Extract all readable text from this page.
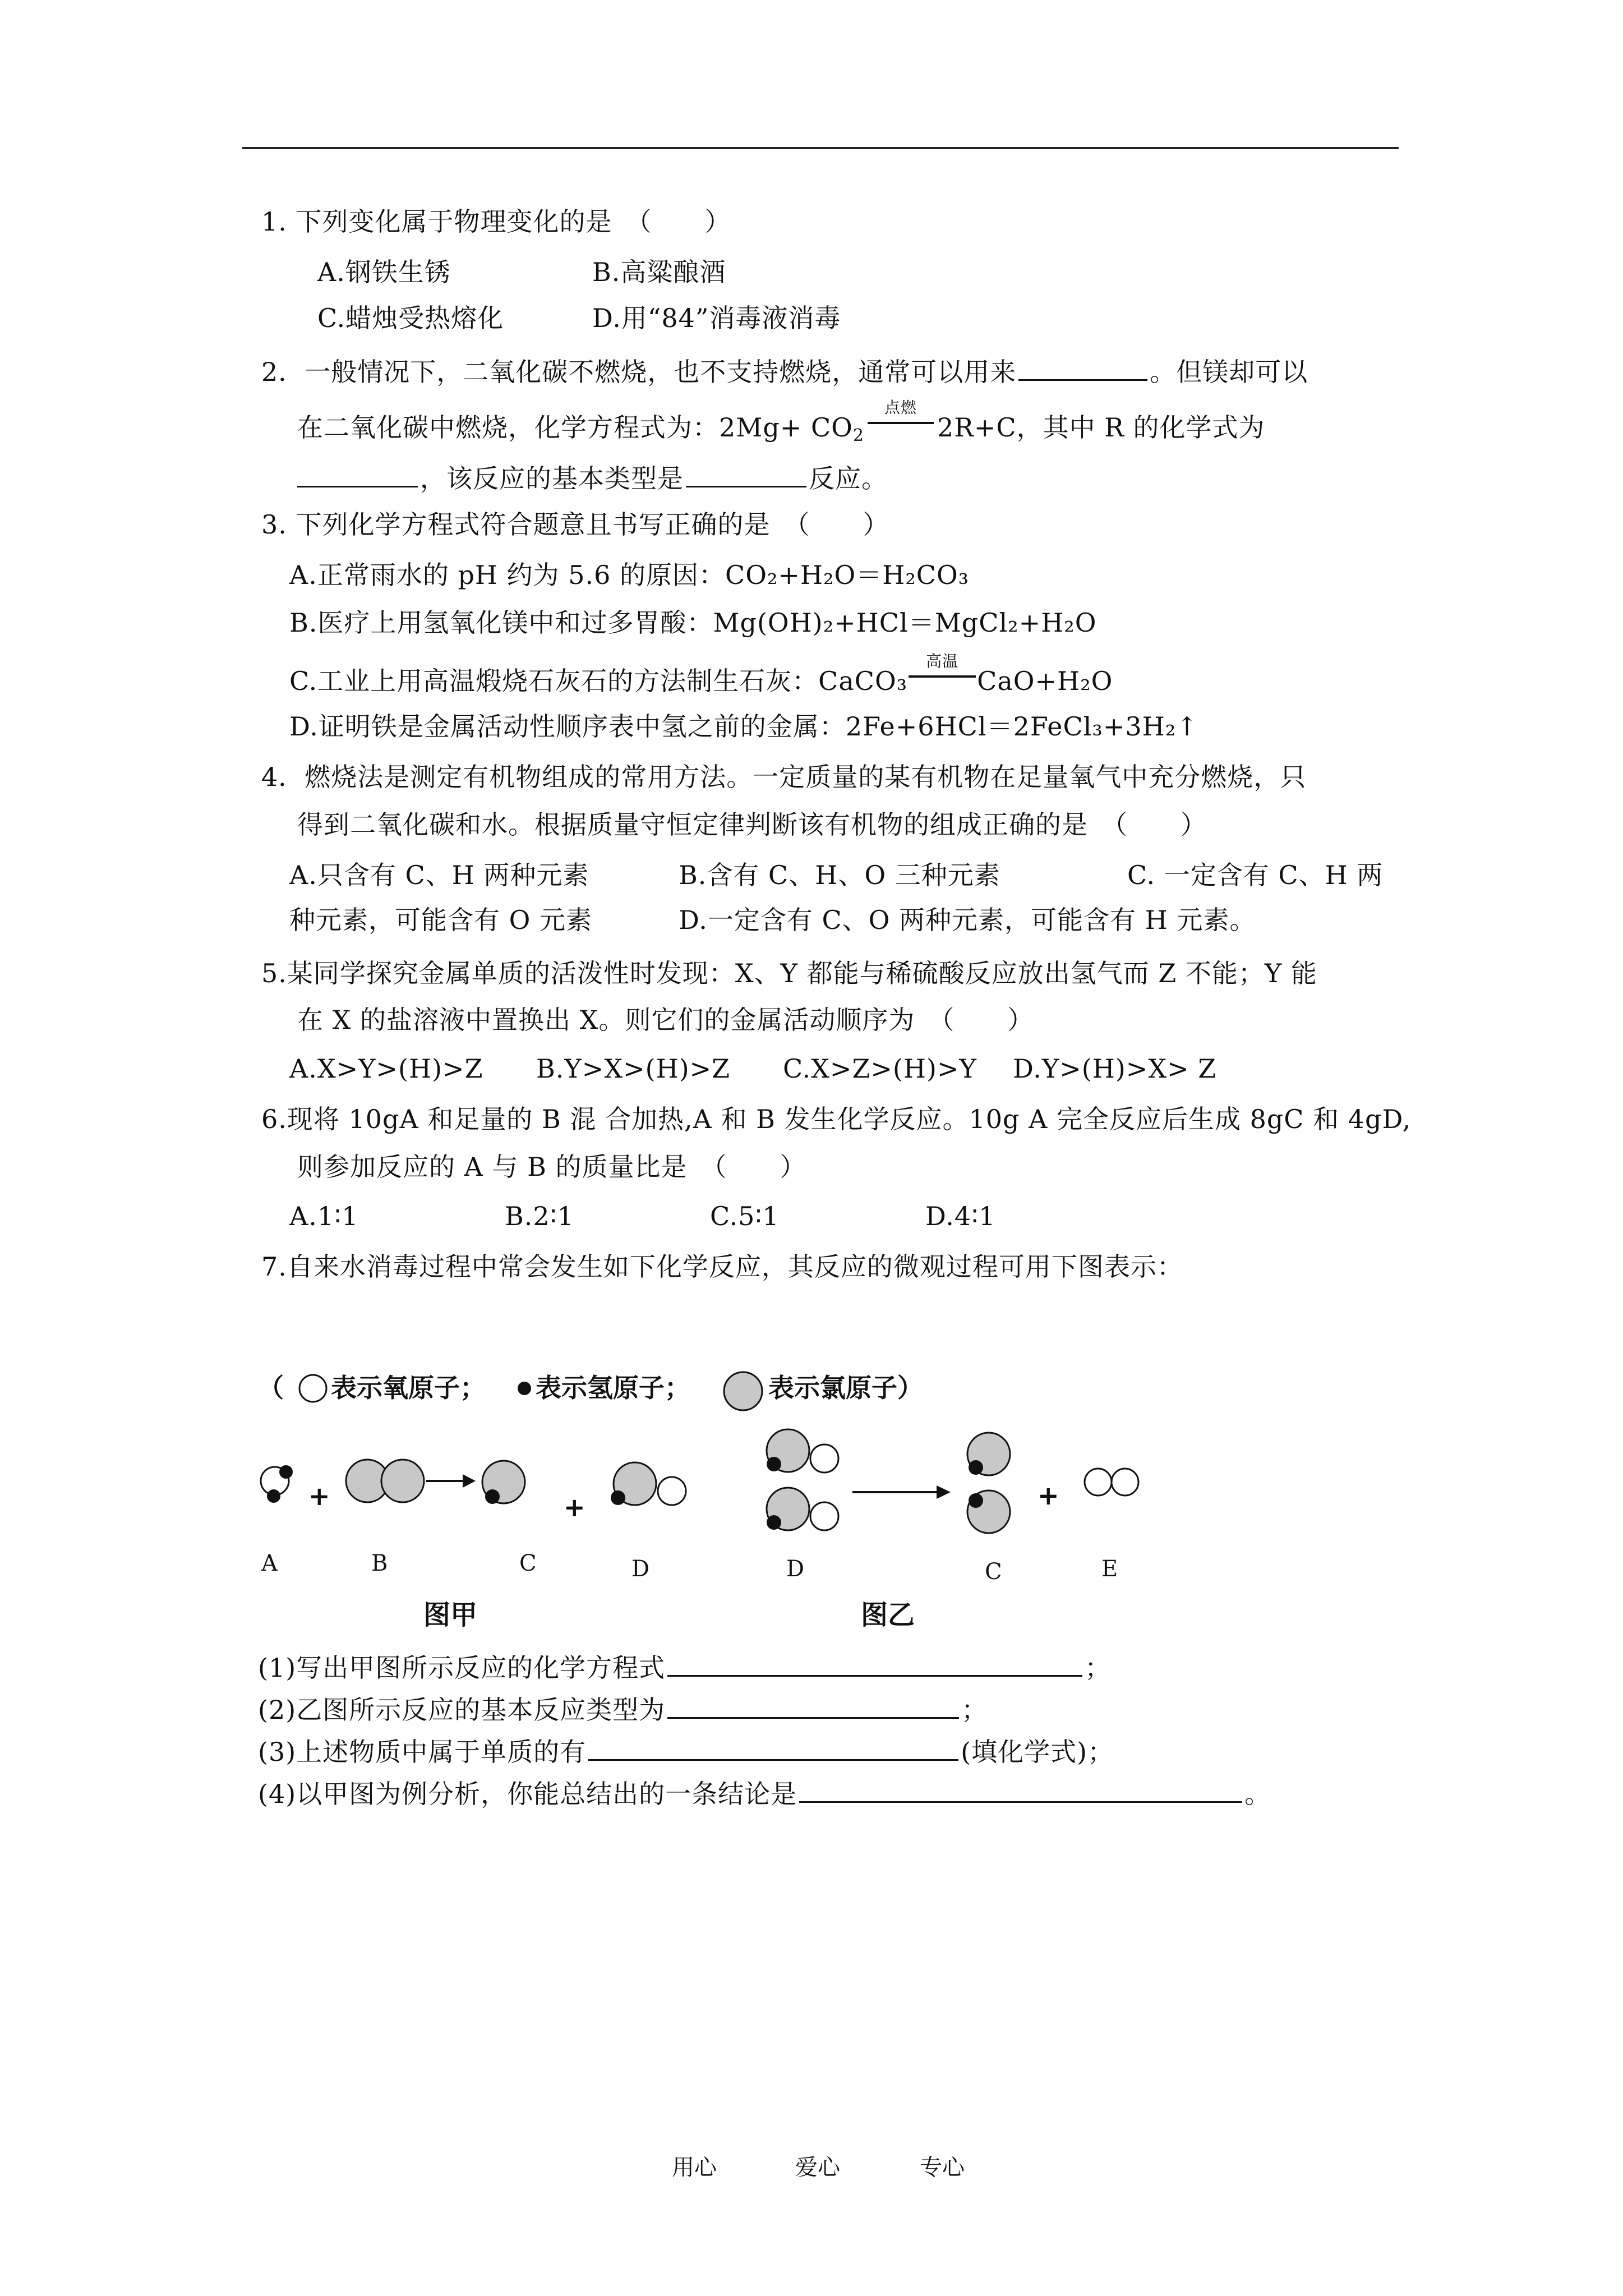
1. 下列变化属于物理变化的是　（　　）
A.钢铁生锈	B.高粱酿酒
C.蜡烛受热熔化	D.用“84”消毒液消毒
2．一般情况下，二氧化碳不燃烧，也不支持燃烧，通常可以用来	。但镁却可以
在二氧化碳中燃烧，化学方程式为：$2Mg+ CO_2$
点燃
2R+C，其中 R 的化学式为
，该反应的基本类型是	反应。
3. 下列化学方程式符合题意且书写正确的是　（　　）
A.正常雨水的 pH 约为 5.6 的原因：CO₂+H₂O＝H₂CO₃
B.医疗上用氢氧化镁中和过多胃酸：Mg(OH)₂+HCl＝MgCl₂+H₂O
C.工业上用高温煅烧石灰石的方法制生石灰：CaCO₃
高温
CaO+H₂O
D.证明铁是金属活动性顺序表中氢之前的金属：2Fe+6HCl＝2FeCl₃+3H₂↑
4．燃烧法是测定有机物组成的常用方法。一定质量的某有机物在足量氧气中充分燃烧，只
得到二氧化碳和水。根据质量守恒定律判断该有机物的组成正确的是　（　　）
A.只含有 C、H 两种元素	B.含有 C、H、O 三种元素	C. 一定含有 C、H 两
种元素，可能含有 O 元素	D.一定含有 C、O 两种元素，可能含有 H 元素。
5.某同学探究金属单质的活泼性时发现：X、Y 都能与稀硫酸反应放出氢气而 Z 不能；Y 能
在 X 的盐溶液中置换出 X。则它们的金属活动顺序为　（　　）
A.X>Y>(H)>Z B.Y>X>(H)>Z C.X>Z>(H)>Y D.Y>(H)>X> Z
6.现将 10gA 和足量的 B 混 合加热,A 和 B 发生化学反应。10g A 完全反应后生成 8gC 和 4gD,
则参加反应的 A 与 B 的质量比是　（　　）
A.1∶1	B.2∶1	C.5∶1	D.4∶1
7.自来水消毒过程中常会发生如下化学反应，其反应的微观过程可用下图表示：
（ 表示氧原子； 表示氢原子；	表示氯原子）
+	+
A	B	C	D
图甲
+
D	C	E
图乙
(1)写出甲图所示反应的化学方程式	；
(2)乙图所示反应的基本反应类型为	；
(3)上述物质中属于单质的有	(填化学式)；
(4)以甲图为例分析，你能总结出的一条结论是	。
用心	爱心	专心
